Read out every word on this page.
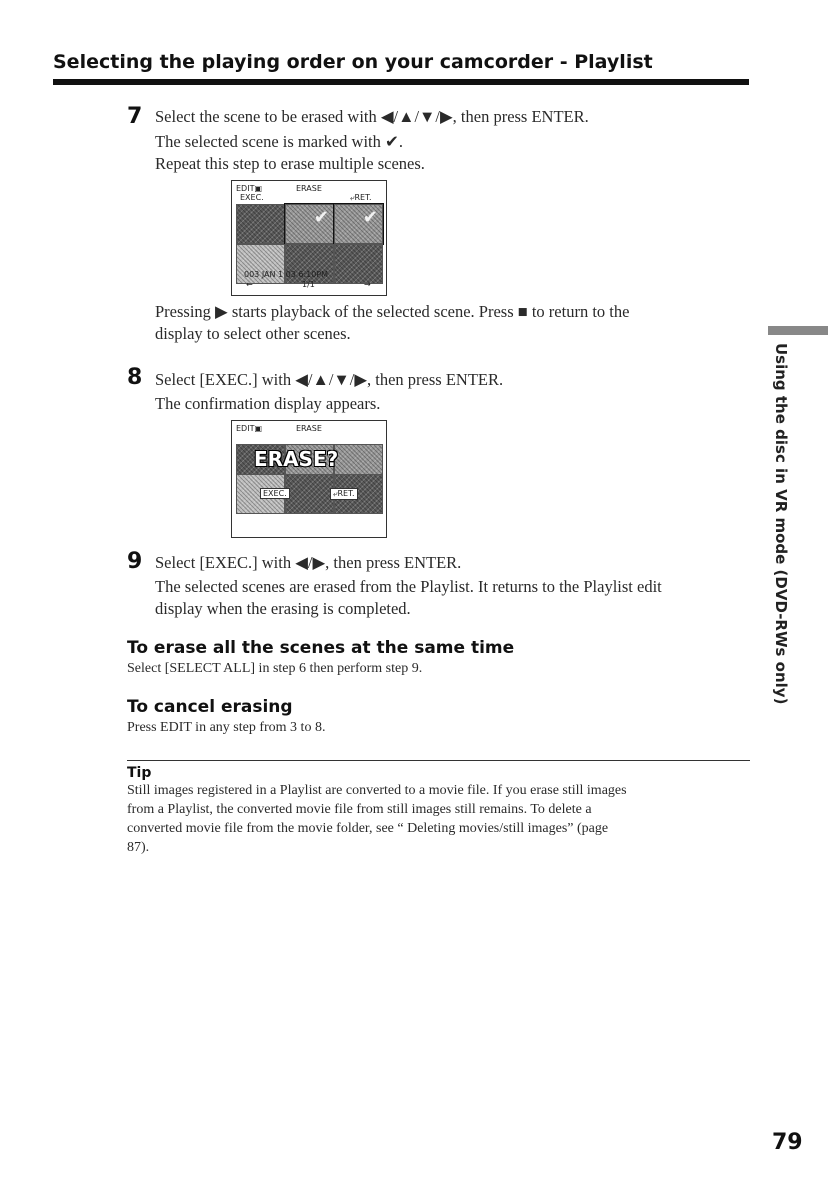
Selecting the playing order on your camcorder - Playlist
7 Select the scene to be erased with ◀/▲/▼/▶, then press ENTER.
The selected scene is marked with ✔.
Repeat this step to erase multiple scenes.
EDIT▣	ERASE
EXEC.	⤶RET.
✔ ✔
003 JAN 1 03 6:10PM
←	1/1	→
Pressing ▶ starts playback of the selected scene. Press ■ to return to the
display to select other scenes.
8 Select [EXEC.] with ◀/▲/▼/▶, then press ENTER.
The confirmation display appears.
EDIT▣	ERASE
ERASE?
EXEC.	⤶RET.
9 Select [EXEC.] with ◀/▶, then press ENTER.
The selected scenes are erased from the Playlist. It returns to the Playlist edit
display when the erasing is completed.
To erase all the scenes at the same time
Select [SELECT ALL] in step 6 then perform step 9.
To cancel erasing
Press EDIT in any step from 3 to 8.
Tip
Still images registered in a Playlist are converted to a movie file. If you erase still images
from a Playlist, the converted movie file from still images still remains. To delete a
converted movie file from the movie folder, see “ Deleting movies/still images” (page
87).
Using the disc in VR mode (DVD-RWs only)
79
